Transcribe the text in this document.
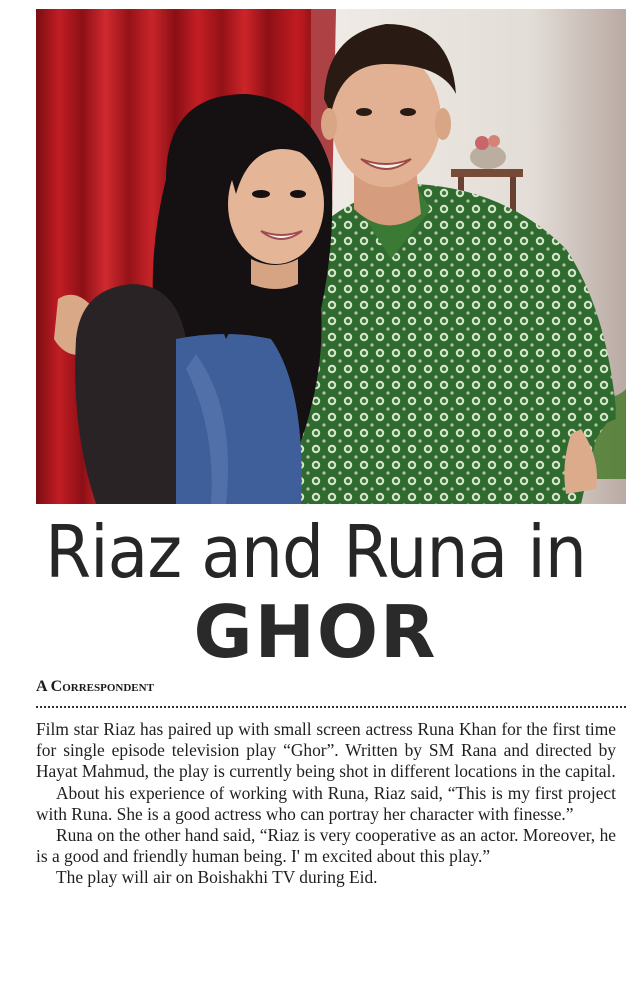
Riaz and Runa in
GHOR
A Correspondent

Film star Riaz has paired up with small screen actress Runa Khan for the first time for single episode television play “Ghor”. Written by SM Rana and directed by Hayat Mahmud, the play is currently being shot in different locations in the capital.

About his experience of working with Runa, Riaz said, “This is my first project with Runa. She is a good actress who can portray her character with finesse.”

Runa on the other hand said, “Riaz is very cooperative as an actor. Moreover, he is a good and friendly human being. I' m excited about this play.”

The play will air on Boishakhi TV during Eid.
